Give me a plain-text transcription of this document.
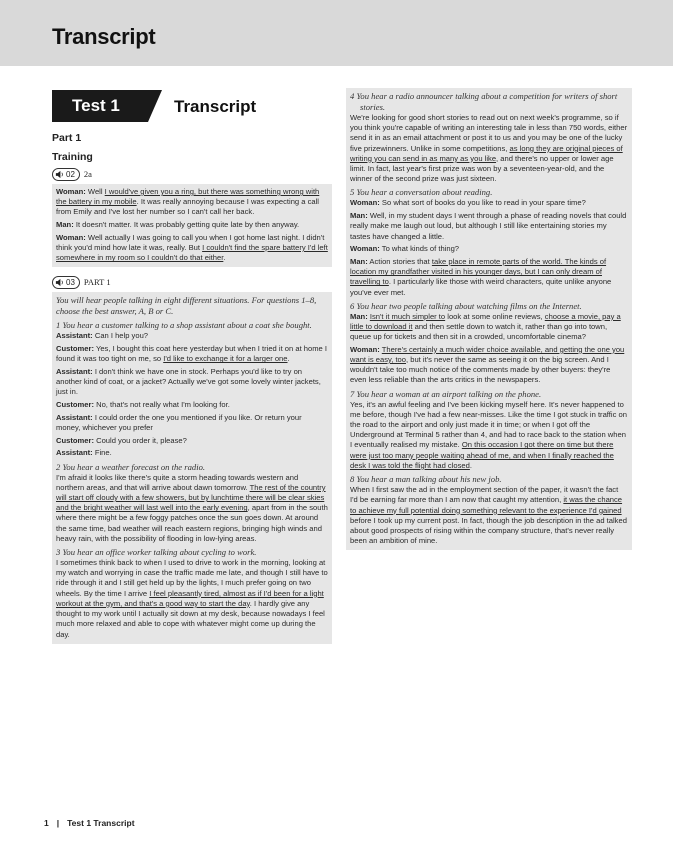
Transcript
Test 1	Transcript
Part 1
Training
02 2a

Woman: Well I would've given you a ring, but there was something wrong with the battery in my mobile. It was really annoying because I was expecting a call from Emily and I've lost her number so I can't call her back.

Man: It doesn't matter. It was probably getting quite late by then anyway.

Woman: Well actually I was going to call you when I got home last night. I didn't think you'd mind how late it was, really. But I couldn't find the spare battery I'd left somewhere in my room so I couldn't do that either.

03 PART 1

You will hear people talking in eight different situations. For questions 1–8, choose the best answer, A, B or C.

1 You hear a customer talking to a shop assistant about a coat she bought.

Assistant: Can I help you?

Customer: Yes, I bought this coat here yesterday but when I tried it on at home I found it was too tight on me, so I'd like to exchange it for a larger one.

Assistant: I don't think we have one in stock. Perhaps you'd like to try on another kind of coat, or a jacket? Actually we've got some lovely winter jackets, just in.

Customer: No, that's not really what I'm looking for.

Assistant: I could order the one you mentioned if you like. Or return your money, whichever you prefer

Customer: Could you order it, please?

Assistant: Fine.

2 You hear a weather forecast on the radio.

I'm afraid it looks like there's quite a storm heading towards western and northern areas, and that will arrive about dawn tomorrow. The rest of the country will start off cloudy with a few showers, but by lunchtime there will be clear skies and the bright weather will last well into the early evening, apart from in the south where there might be a few foggy patches once the sun goes down. At around the same time, bad weather will reach eastern regions, bringing high winds and heavy rain, with the possibility of flooding in low-lying areas.

3 You hear an office worker talking about cycling to work.

I sometimes think back to when I used to drive to work in the morning, looking at my watch and worrying in case the traffic made me late, and though I still have to ride through it and I still get held up by the lights, I much prefer going on two wheels. By the time I arrive I feel pleasantly tired, almost as if I'd been for a light workout at the gym, and that's a good way to start the day. I hardly give any thought to my work until I actually sit down at my desk, because nowadays I feel much more relaxed and able to cope with whatever might come up during the day.

4 You hear a radio announcer talking about a competition for writers of short stories.

We're looking for good short stories to read out on next week's programme, so if you think you're capable of writing an interesting tale in less than 750 words, either send it in as an email attachment or post it to us and you may be one of the lucky five prizewinners. Unlike in some competitions, as long they are original pieces of writing you can send in as many as you like, and there's no upper or lower age limit. In fact, last year's first prize was won by a seventeen-year-old, and the winner of the second prize was just sixteen.

5 You hear a conversation about reading.

Woman: So what sort of books do you like to read in your spare time?

Man: Well, in my student days I went through a phase of reading novels that could really make me laugh out loud, but although I still like entertaining stories my tastes have changed a little.

Woman: To what kinds of thing?

Man: Action stories that take place in remote parts of the world. The kinds of location my grandfather visited in his younger days, but I can only dream of travelling to. I particularly like those with weird characters, quite unlike anyone you've ever met.

6 You hear two people talking about watching films on the Internet.

Man: Isn't it much simpler to look at some online reviews, choose a movie, pay a little to download it and then settle down to watch it, rather than go into town, queue up for tickets and then sit in a crowded, uncomfortable cinema?

Woman: There's certainly a much wider choice available, and getting the one you want is easy, too, but it's never the same as seeing it on the big screen. And I wouldn't take too much notice of the comments made by other buyers: they're even less reliable than the arts critics in the newspapers.

7 You hear a woman at an airport talking on the phone.

Yes, it's an awful feeling and I've been kicking myself here. It's never happened to me before, though I've had a few near-misses. Like the time I got stuck in traffic on the road to the airport and only just made it in time; or when I got off the Underground at Terminal 5 rather than 4, and had to race back to the station when I eventually realised my mistake. On this occasion I got there on time but there were just too many people waiting ahead of me, and when I finally reached the desk I was told the flight had closed.

8 You hear a man talking about his new job.

When I first saw the ad in the employment section of the paper, it wasn't the fact I'd be earning far more than I am now that caught my attention, it was the chance to achieve my full potential doing something relevant to the experience I'd gained before I took up my current post. In fact, though the job description in the ad talked about good prospects of rising within the company structure, that's never really been an ambition of mine.

1 | Test 1 Transcript
